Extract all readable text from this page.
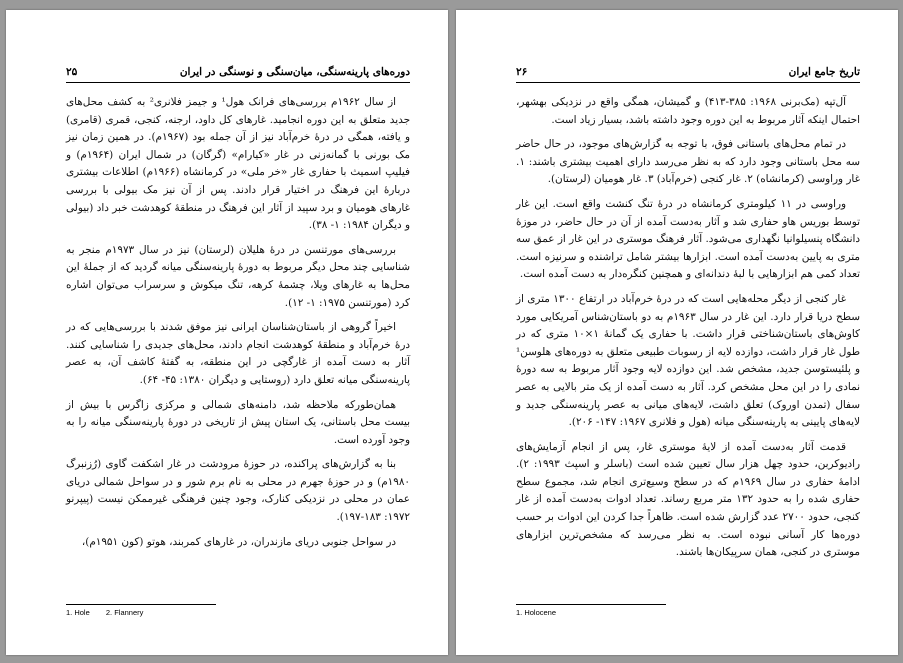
دوره‌های پارینه‌سنگی، میان‌سنگی و نوسنگی در ایران
۲۵

از سال ۱۹۶۲م بررسی‌های فرانک هول¹ و جیمز فلانری² به کشف محل‌های جدید متعلق به این دوره انجامید. غارهای کل داود، ارجنه، کنجی، قمری (قامری) و یافته، همگی در درهٔ خرم‌آباد نیز از آن جمله بود (۱۹۶۷م). در همین زمان نیز مک بورنی با گمانه‌زنی در غار «کیارام» (گرگان) در شمال ایران (۱۹۶۴م) و فیلیپ اسمیث با حفاری غار «خر ملی» در کرمانشاه (۱۹۶۶م) اطلاعات بیشتری دربارهٔ این فرهنگ در اختیار قرار دادند. پس از آن نیز مک بیولی با بررسی غارهای هومیان و برد سپید از آثار این فرهنگ در منطقهٔ کوهدشت خبر داد (بیولی و دیگران ۱۹۸۴: ۱- ۳۸).

بررسی‌های مورتنسن در درهٔ هلیلان (لرستان) نیز در سال ۱۹۷۳م منجر به شناسایی چند محل دیگر مربوط به دورهٔ پارینه‌سنگی میانه گردید که از جملهٔ این محل‌ها به غارهای ویلا، چشمهٔ کرهه، تنگ میکوش و سرسراب می‌توان اشاره کرد (مورتنسن ۱۹۷۵: ۱- ۱۲).

اخیراً گروهی از باستان‌شناسان ایرانی نیز موفق شدند با بررسی‌هایی که در درهٔ خرم‌آباد و منطقهٔ کوهدشت انجام دادند، محل‌های جدیدی را شناسایی کنند. آثار به دست آمده از غارگچی در این منطقه، به گفتهٔ کاشف آن، به عصر پارینه‌سنگی میانه تعلق دارد (روستایی و دیگران ۱۳۸۰: ۴۵- ۶۴).

همان‌طورکه ملاحظه شد، دامنه‌های شمالی و مرکزی زاگرس با بیش از بیست محل باستانی، یک استان پیش از تاریخی در دورهٔ پارینه‌سنگی میانه را به وجود آورده است.

بنا به گزارش‌های پراکنده، در حوزهٔ مرودشت در غار اشکفت گاوی (رُزنبرگ ۱۹۸۰م) و در حوزهٔ جهرم در محلی به نام برم شور و در سواحل شمالی دریای عمان در محلی در نزدیکی کنارک، وجود چنین فرهنگی غیرممکن نیست (پیپرنو ۱۹۷۲: ۱۸۳-۱۹۷).

در سواحل جنوبی دریای مازندران، در غارهای کمربند، هوتو (کون ۱۹۵۱م)،

1. Hole 2. Flannery
تاریخ جامع ایران
۲۶

آل‌تپه (مک‌برنی ۱۹۶۸: ۳۸۵-۴۱۳) و گمیشان، همگی واقع در نزدیکی بهشهر، احتمال اینکه آثار مربوط به این دوره وجود داشته باشد، بسیار زیاد است.

در تمام محل‌های باستانی فوق، با توجه به گزارش‌های موجود، در حال حاضر سه محل باستانی وجود دارد که به نظر می‌رسد دارای اهمیت بیشتری باشند: ۱. غار وراوسی (کرمانشاه) ۲. غار کنجی (خرم‌آباد) ۳. غار هومیان (لرستان).

وراوسی در ۱۱ کیلومتری کرمانشاه در درهٔ تنگ کنشت واقع است. این غار توسط بوریس هاو حفاری شد و آثار به‌دست آمده از آن در حال حاضر، در موزهٔ دانشگاه پنسیلوانیا نگهداری می‌شود. آثار فرهنگ موستری در این غار از عمق سه متری به پایین به‌دست آمده است. ابزارها بیشتر شامل تراشنده و سرنیزه است. تعداد کمی هم ابزارهایی با لبهٔ دندانه‌ای و همچنین کنگره‌دار به دست آمده است.

غار کنجی از دیگر محله‌هایی است که در درهٔ خرم‌آباد در ارتفاع ۱۳۰۰ متری از سطح دریا قرار دارد. این غار در سال ۱۹۶۳م به دو باستان‌شناس آمریکایی مورد کاوش‌های باستان‌شناختی قرار داشت. با حفاری یک گمانهٔ ۱×۱۰ متری که در طول غار قرار داشت، دوازده لایه از رسوبات طبیعی متعلق به دوره‌های هلوسن¹ و پلئیستوسن جدید، مشخص شد. این دوازده لایه وجود آثار مربوط به سه دورهٔ نمادی را در این محل مشخص کرد. آثار به دست آمده از یک متر بالایی به عصر سفال (تمدن اوروک) تعلق داشت، لایه‌های میانی به عصر پارینه‌سنگی جدید و لایه‌های پایینی به پارینه‌سنگی میانه (هول و فلانری ۱۹۶۷: ۱۴۷- ۲۰۶).

قدمت آثار به‌دست آمده از لایهٔ موستری غار، پس از انجام آزمایش‌های رادیوکربن، حدود چهل هزار سال تعیین شده است (باسلر و اسپث ۱۹۹۳: ۲). ادامهٔ حفاری در سال ۱۹۶۹م که در سطح وسیع‌تری انجام شد، مجموع سطح حفاری شده را به حدود ۱۳۲ متر مربع رساند. تعداد ادوات به‌دست آمده از غار کنجی، حدود ۲۷۰۰ عدد گزارش شده است. ظاهراً جدا کردن این ادوات بر حسب دوره‌ها کار آسانی نبوده است. به نظر می‌رسد که مشخص‌ترین ابزارهای موستری در کنجی، همان سرپیکان‌ها باشند.

1. Holocene
